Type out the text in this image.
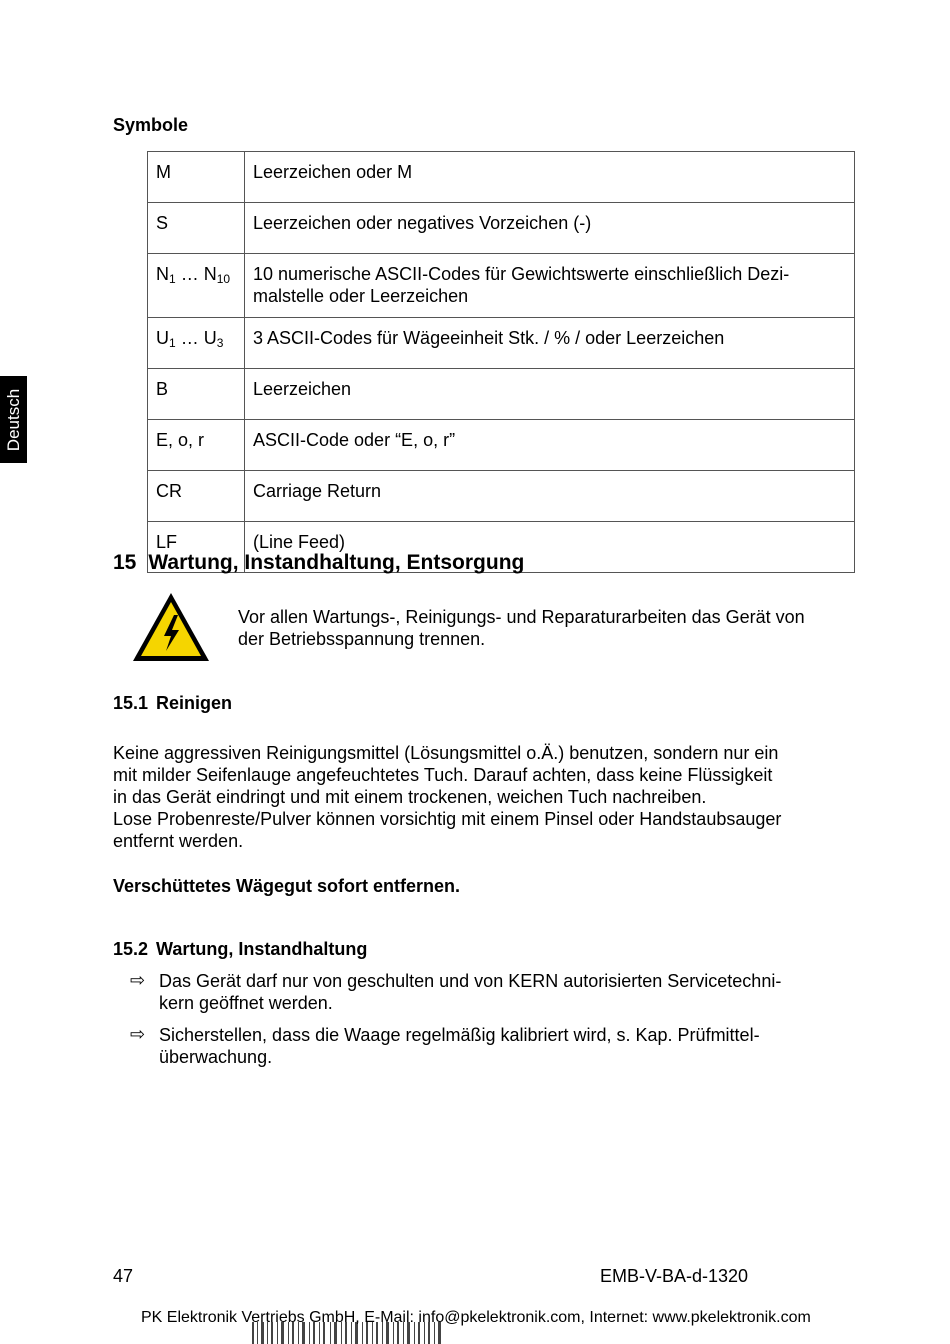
Deutsch
Symbole
M	Leerzeichen oder M
S	Leerzeichen oder negatives Vorzeichen (-)
$N_1$ … $N_{10}$	10 numerische ASCII-Codes für Gewichtswerte einschließlich Dezi-
malstelle oder Leerzeichen
$U_1$ … $U_3$	3 ASCII-Codes für Wägeeinheit Stk. / % / oder Leerzeichen
B	Leerzeichen
E, o, r	ASCII-Code oder “E, o, r”
CR	Carriage Return
LF	(Line Feed)
15 Wartung, Instandhaltung, Entsorgung

Vor allen Wartungs-, Reinigungs- und Reparaturarbeiten das Gerät von

der Betriebsspannung trennen.

15.1 Reinigen

Keine aggressiven Reinigungsmittel (Lösungsmittel o.Ä.) benutzen, sondern nur ein

mit milder Seifenlauge angefeuchtetes Tuch. Darauf achten, dass keine Flüssigkeit

in das Gerät eindringt und mit einem trockenen, weichen Tuch nachreiben.

Lose Probenreste/Pulver können vorsichtig mit einem Pinsel oder Handstaubsauger

entfernt werden.

Verschüttetes Wägegut sofort entfernen.
15.2 Wartung, Instandhaltung
⇨ Das Gerät darf nur von geschulten und von KERN autorisierten Servicetechni-

kern geöffnet werden.

⇨ Sicherstellen, dass die Waage regelmäßig kalibriert wird, s. Kap. Prüfmittel-

überwachung.

47	EMB-V-BA-d-1320
PK Elektronik Vertriebs GmbH, E-Mail: info@pkelektronik.com, Internet: www.pkelektronik.com
